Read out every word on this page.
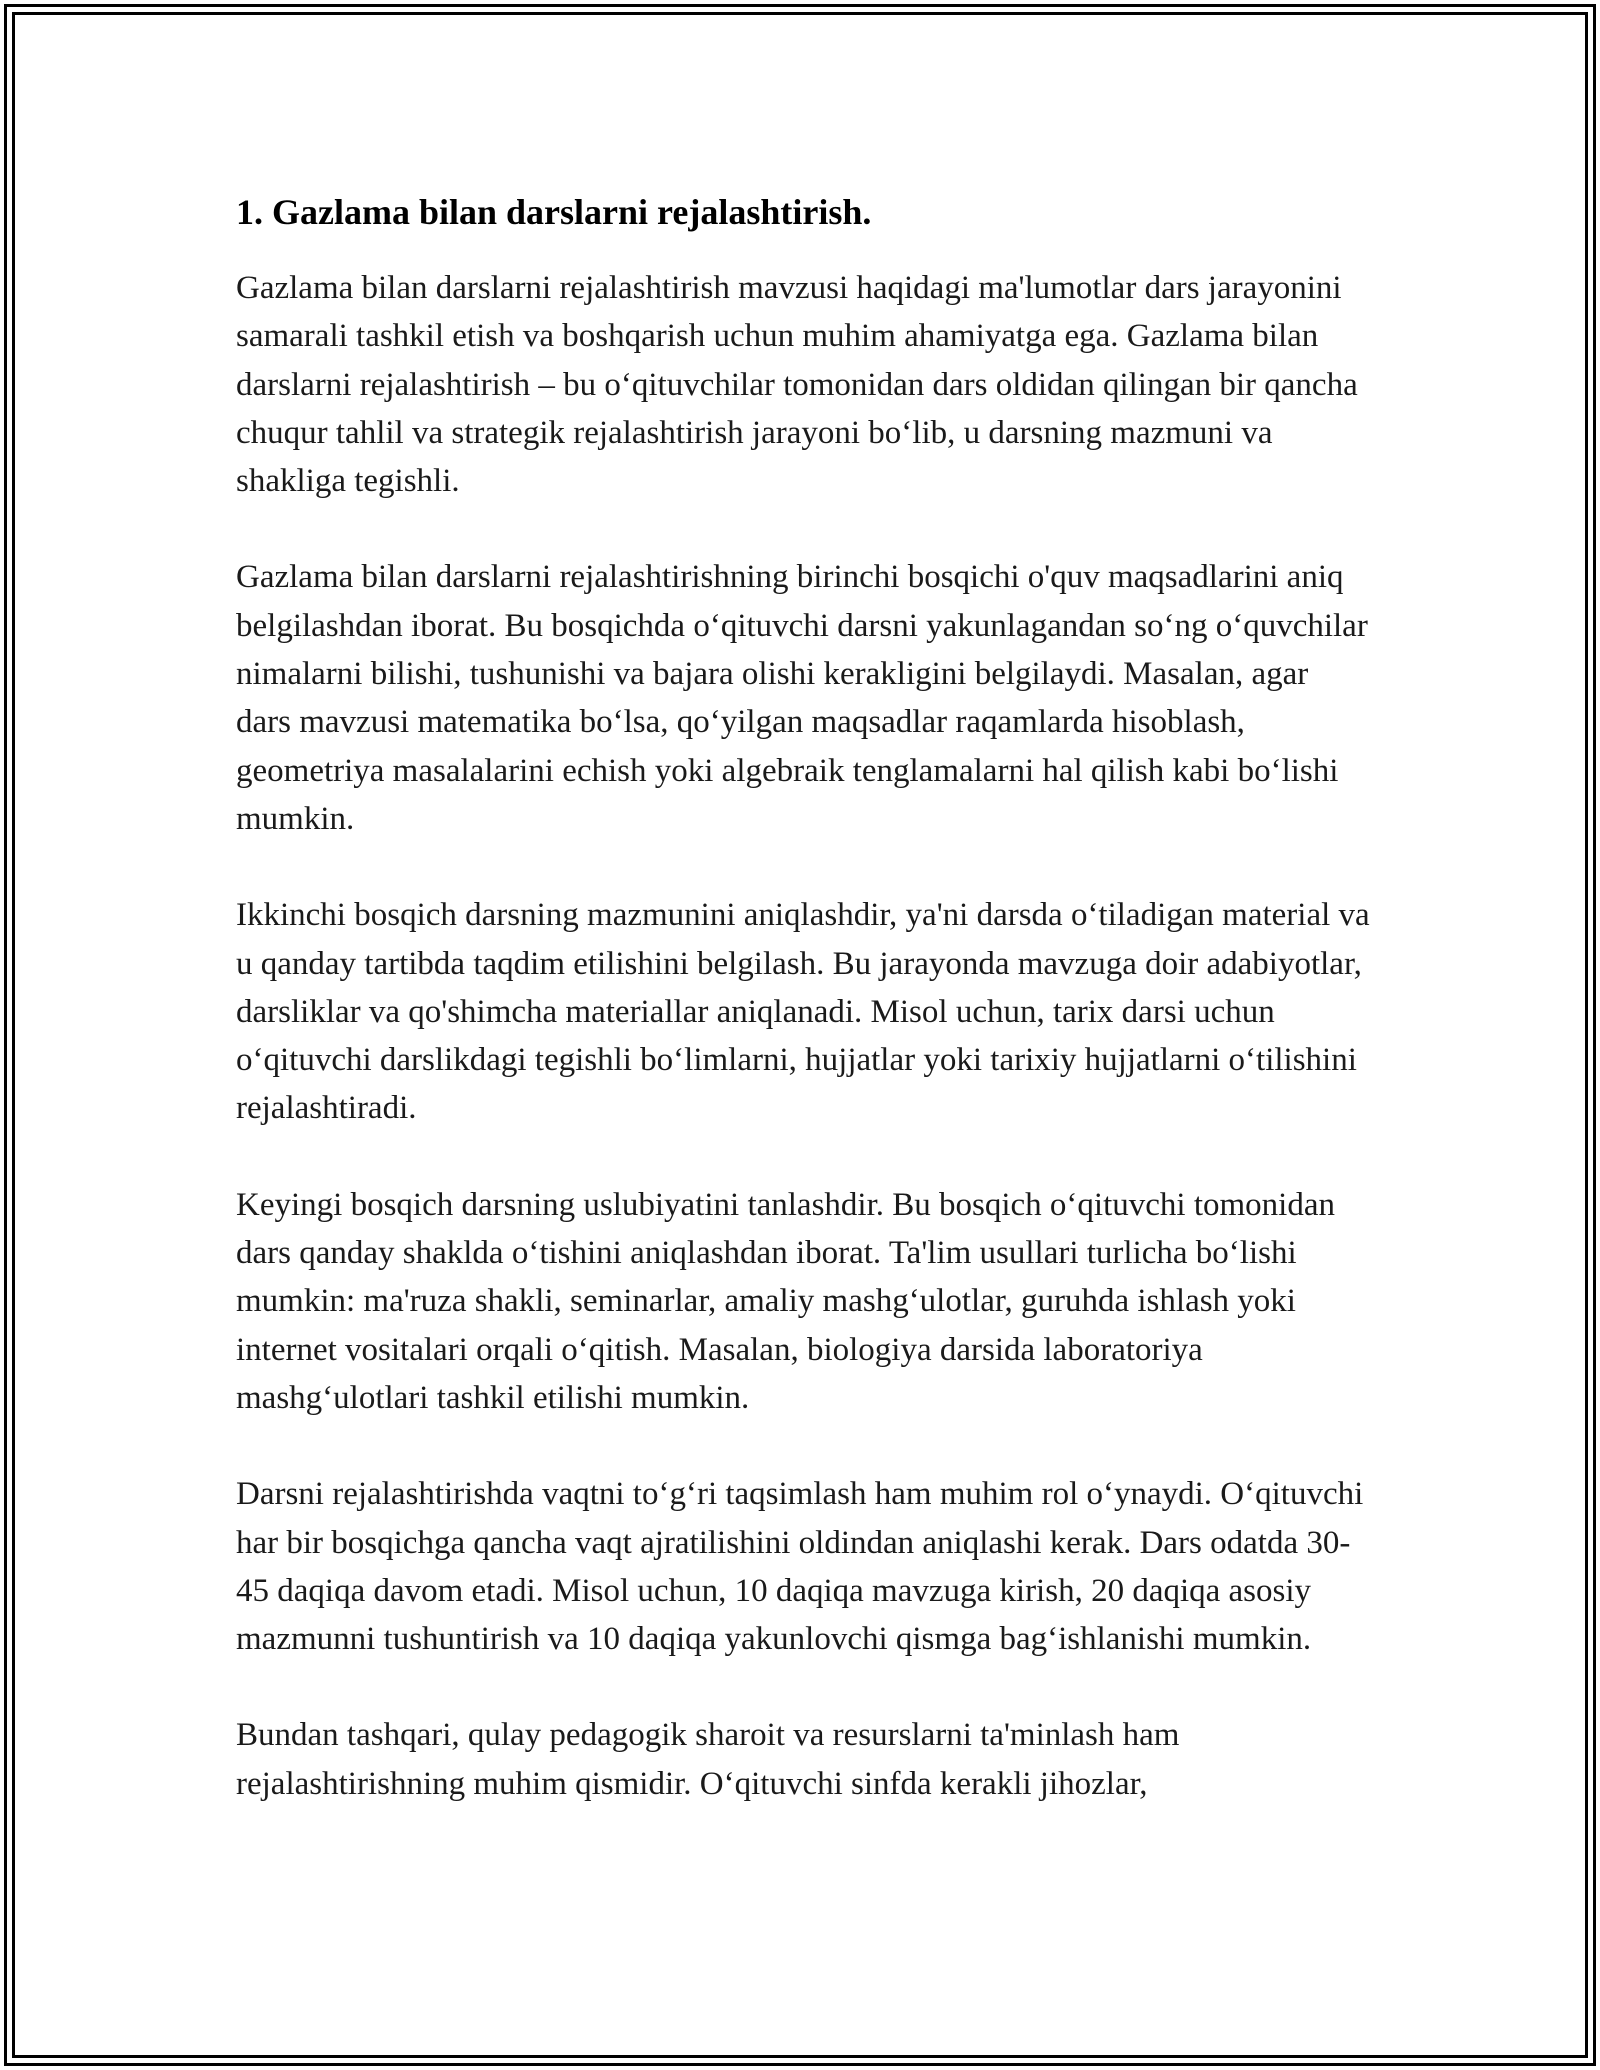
1. Gazlama bilan darslarni rejalashtirish.

Gazlama bilan darslarni rejalashtirish mavzusi haqidagi ma'lumotlar dars jarayonini samarali tashkil etish va boshqarish uchun muhim ahamiyatga ega. Gazlama bilan darslarni rejalashtirish – bu oʻqituvchilar tomonidan dars oldidan qilingan bir qancha chuqur tahlil va strategik rejalashtirish jarayoni boʻlib, u darsning mazmuni va shakliga tegishli.

Gazlama bilan darslarni rejalashtirishning birinchi bosqichi o'quv maqsadlarini aniq belgilashdan iborat. Bu bosqichda oʻqituvchi darsni yakunlagandan soʻng oʻquvchilar nimalarni bilishi, tushunishi va bajara olishi kerakligini belgilaydi. Masalan, agar dars mavzusi matematika boʻlsa, qoʻyilgan maqsadlar raqamlarda hisoblash, geometriya masalalarini echish yoki algebraik tenglamalarni hal qilish kabi boʻlishi mumkin.

Ikkinchi bosqich darsning mazmunini aniqlashdir, ya'ni darsda oʻtiladigan material va u qanday tartibda taqdim etilishini belgilash. Bu jarayonda mavzuga doir adabiyotlar, darsliklar va qo'shimcha materiallar aniqlanadi. Misol uchun, tarix darsi uchun oʻqituvchi darslikdagi tegishli boʻlimlarni, hujjatlar yoki tarixiy hujjatlarni oʻtilishini rejalashtiradi.

Keyingi bosqich darsning uslubiyatini tanlashdir. Bu bosqich oʻqituvchi tomonidan dars qanday shaklda oʻtishini aniqlashdan iborat. Ta'lim usullari turlicha boʻlishi mumkin: ma'ruza shakli, seminarlar, amaliy mashgʻulotlar, guruhda ishlash yoki internet vositalari orqali oʻqitish. Masalan, biologiya darsida laboratoriya mashgʻulotlari tashkil etilishi mumkin.

Darsni rejalashtirishda vaqtni toʻgʻri taqsimlash ham muhim rol oʻynaydi. Oʻqituvchi har bir bosqichga qancha vaqt ajratilishini oldindan aniqlashi kerak. Dars odatda 30-45 daqiqa davom etadi. Misol uchun, 10 daqiqa mavzuga kirish, 20 daqiqa asosiy mazmunni tushuntirish va 10 daqiqa yakunlovchi qismga bagʻishlanishi mumkin.

Bundan tashqari, qulay pedagogik sharoit va resurslarni ta'minlash ham rejalashtirishning muhim qismidir. Oʻqituvchi sinfda kerakli jihozlar,
